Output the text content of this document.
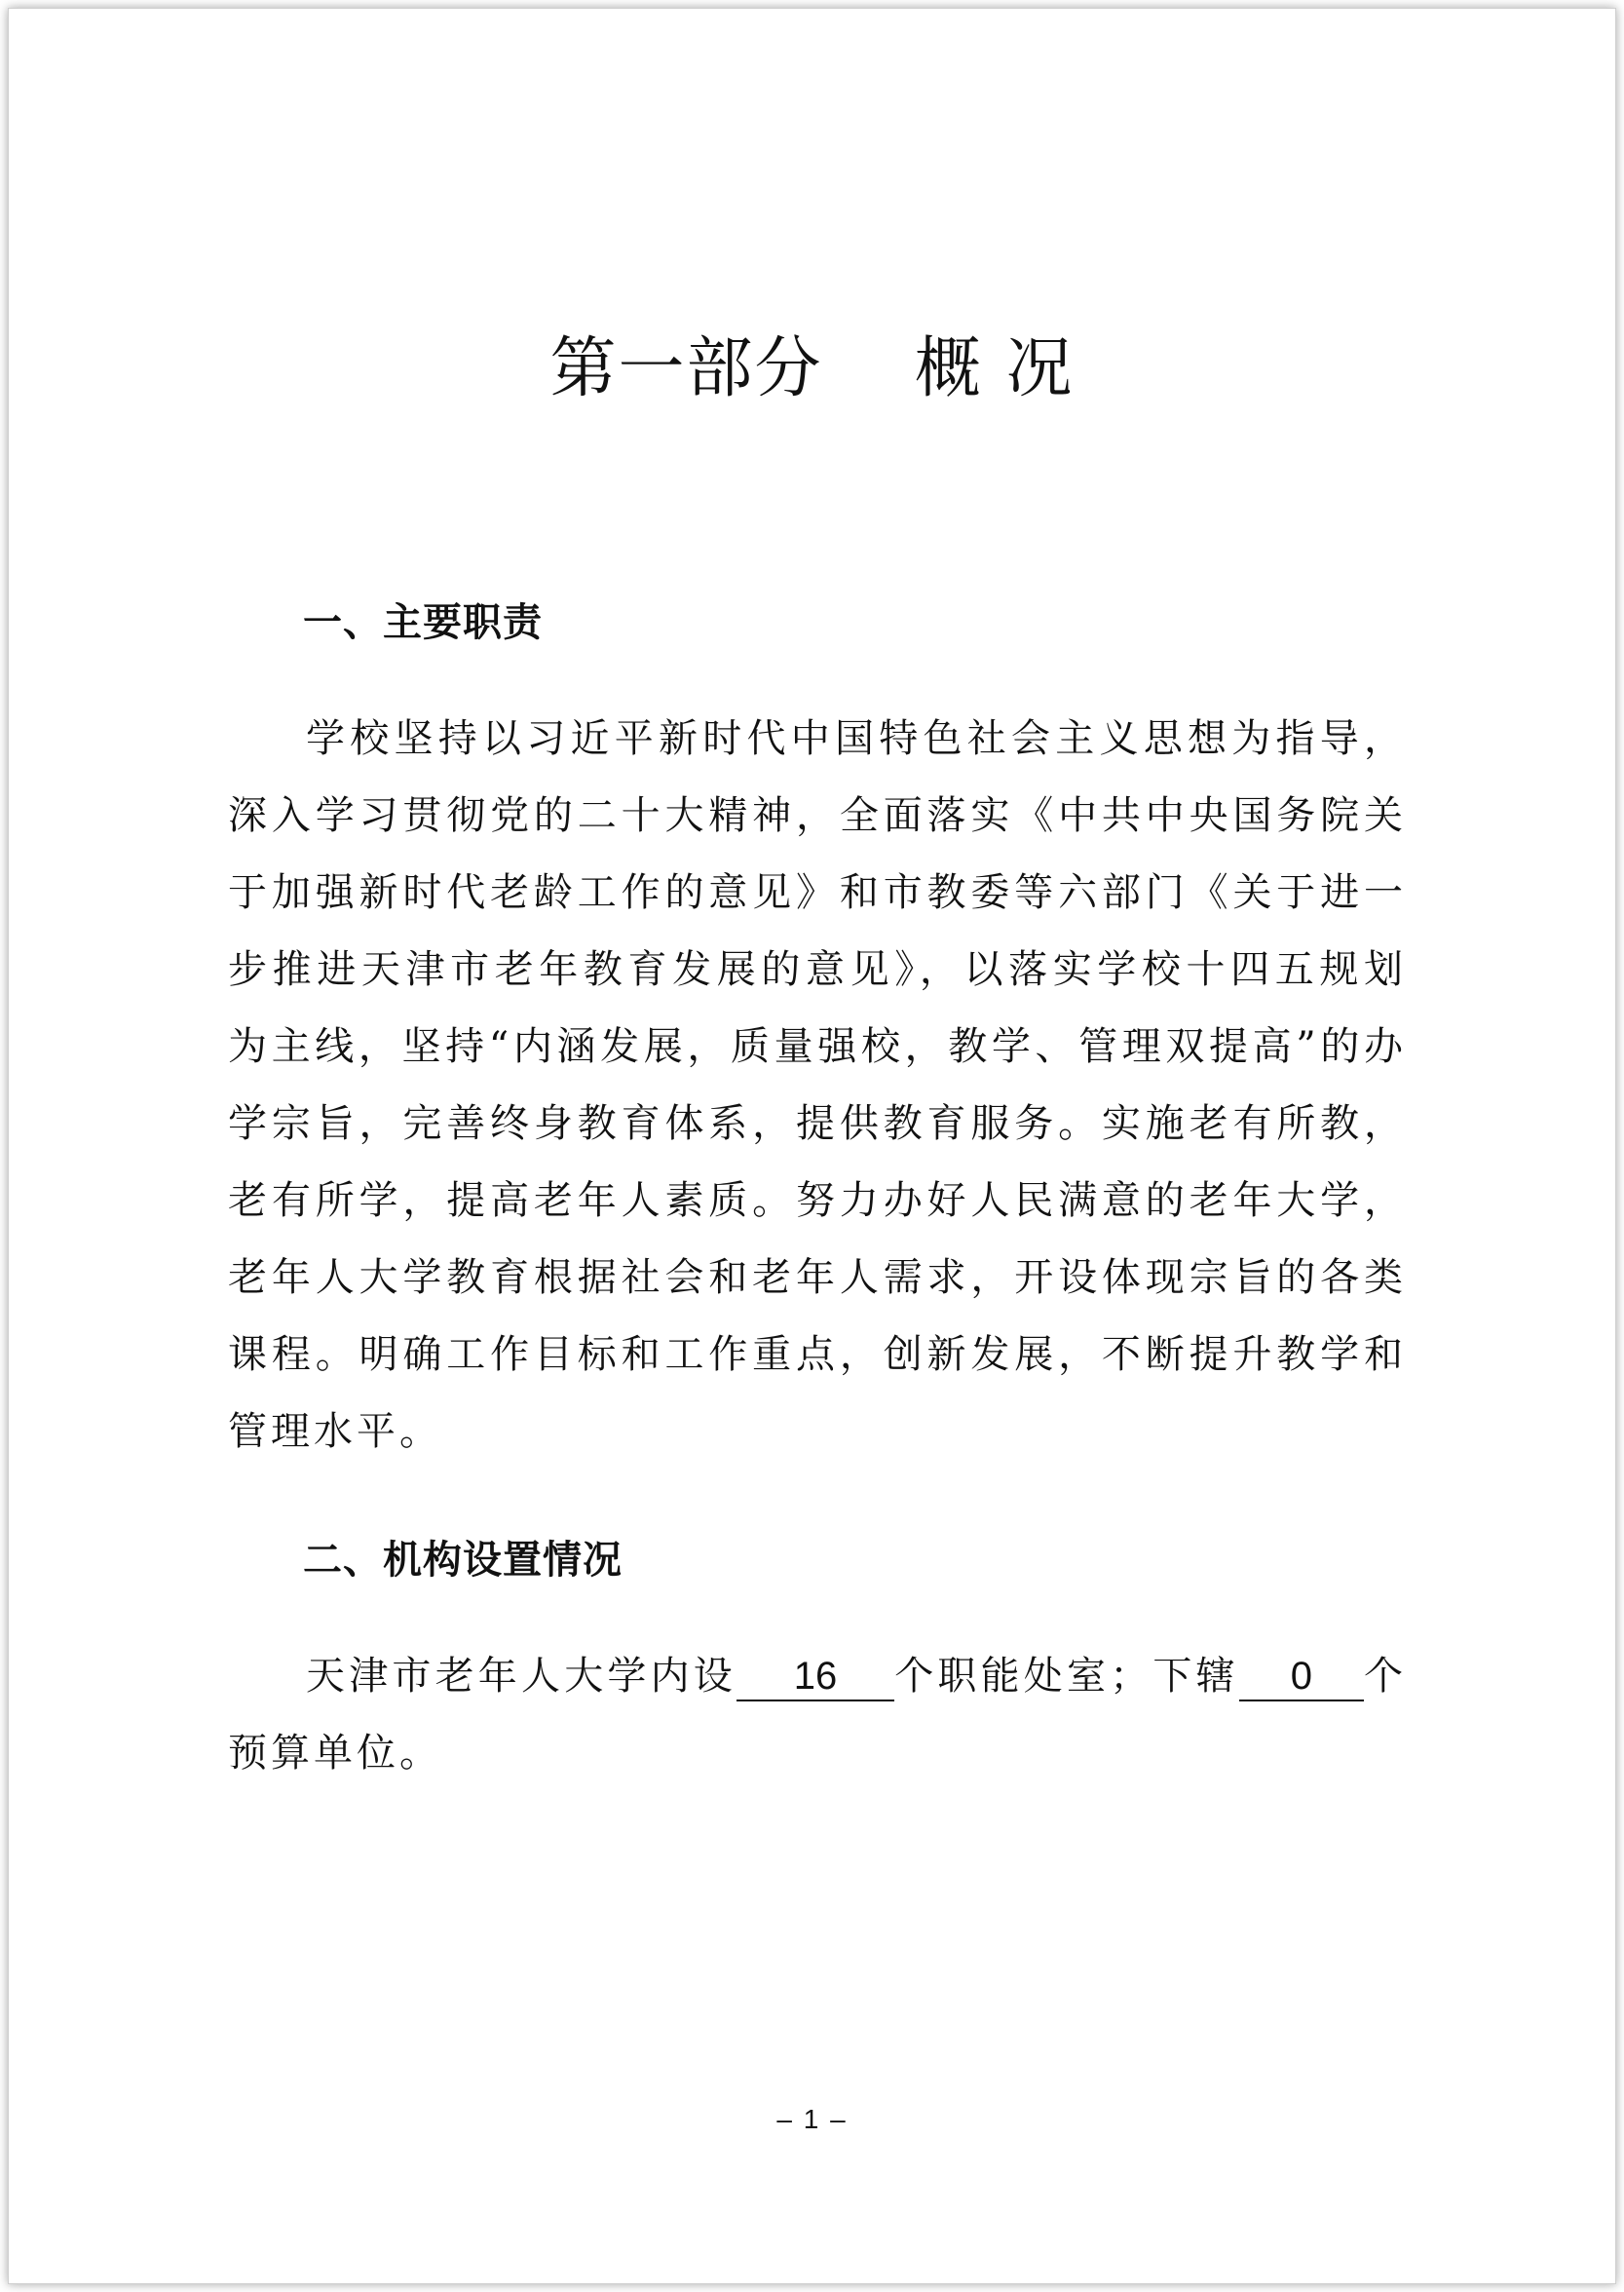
第一部分    概 况
一、主要职责

学校坚持以习近平新时代中国特色社会主义思想为指导，深入学习贯彻党的二十大精神，全面落实《中共中央国务院关于加强新时代老龄工作的意见》和市教委等六部门《关于进一步推进天津市老年教育发展的意见》，以落实学校十四五规划为主线，坚持“内涵发展，质量强校，教学、管理双提高”的办学宗旨，完善终身教育体系，提供教育服务。实施老有所教，老有所学，提高老年人素质。努力办好人民满意的老年大学，老年人大学教育根据社会和老年人需求，开设体现宗旨的各类课程。明确工作目标和工作重点，创新发展，不断提升教学和管理水平。

二、机构设置情况

天津市老年人大学内设 16 个职能处室；下辖 0 个预算单位。

– 1 –
